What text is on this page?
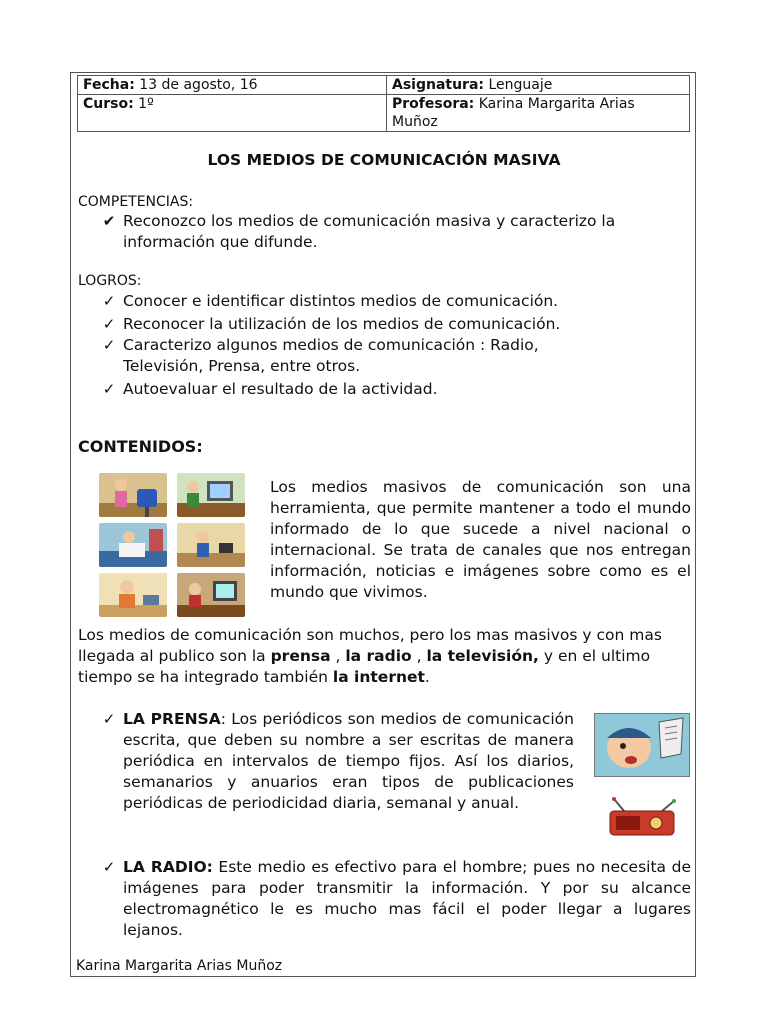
Fecha: 13 de agosto, 16	Asignatura: Lenguaje
Curso: 1º	Profesora: Karina Margarita Arias Muñoz
LOS MEDIOS DE COMUNICACIÓN MASIVA
COMPETENCIAS:
✔ Reconozco los medios de comunicación masiva y caracterizo la información que difunde.
LOGROS:
✓ Conocer e identificar distintos medios de comunicación.
✓ Reconocer la utilización de los medios de comunicación.
✓ Caracterizo algunos medios de comunicación : Radio, Televisión, Prensa, entre otros.
✓ Autoevaluar el resultado de la actividad.
CONTENIDOS:
Los medios masivos de comunicación son una herramienta, que permite mantener a todo el mundo informado de lo que sucede a nivel nacional o internacional. Se trata de canales que nos entregan información, noticias e imágenes sobre como es el mundo que vivimos.
Los medios de comunicación son muchos, pero los mas masivos y con mas llegada al publico son la prensa , la radio , la televisión, y en el ultimo tiempo se ha integrado también la internet.
✓ LA PRENSA: Los periódicos son medios de comunicación escrita, que deben su nombre a ser escritas de manera periódica en intervalos de tiempo fijos. Así los diarios, semanarios y anuarios eran tipos de publicaciones periódicas de periodicidad diaria, semanal y anual.
✓ LA RADIO: Este medio es efectivo para el hombre; pues no necesita de imágenes para poder transmitir la información. Y por su alcance electromagnético le es mucho mas fácil el poder llegar a lugares lejanos.
Karina Margarita Arias Muñoz
